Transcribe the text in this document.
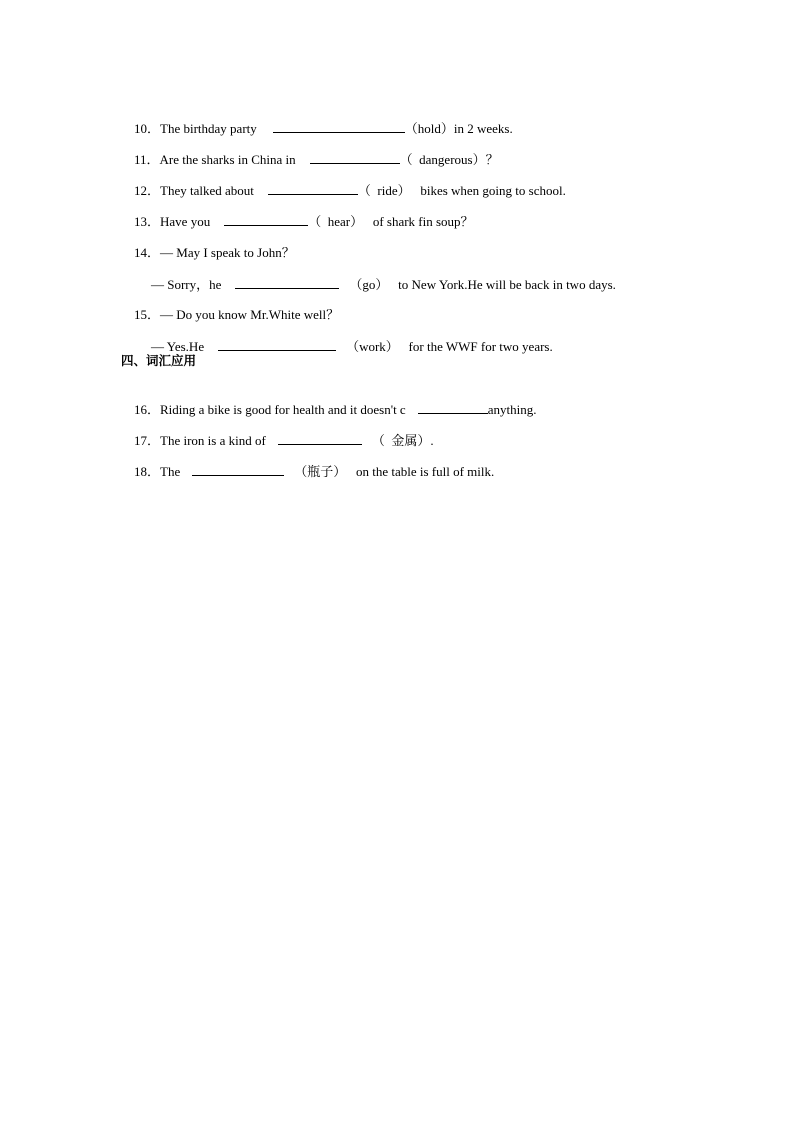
10．The birthday party	（hold）in 2 weeks.

11．Are the sharks in China in	（  dangerous）？

12．They talked about	（  ride）   bikes when going to school.

13．Have you	（  hear）   of shark fin soup？

14．— May I speak to John？

— Sorry，he	（go）   to New York.He will be back in two days.

15．— Do you know Mr.White well？

— Yes.He	（work）   for the WWF for two years.

四、词汇应用

16．Riding a bike is good for health and it doesn't c	anything.

17．The iron is a kind of	（  金属）.

18．The	（瓶子）   on the table is full of milk.
